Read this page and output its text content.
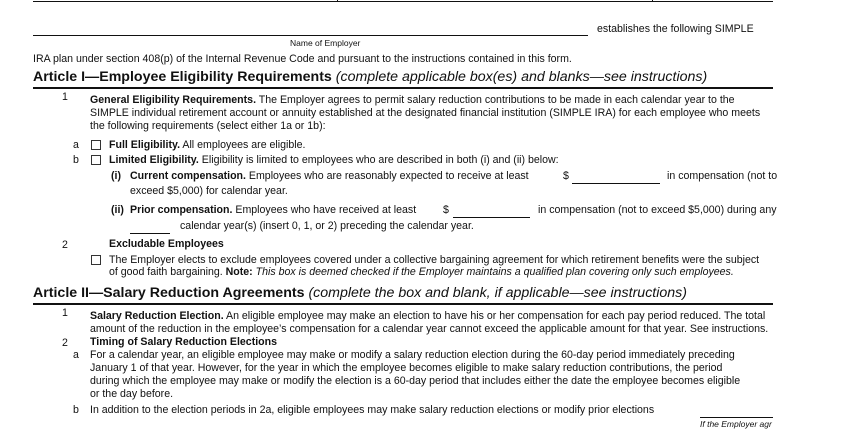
establishes the following SIMPLE
Name of Employer
IRA plan under section 408(p) of the Internal Revenue Code and pursuant to the instructions contained in this form.
Article I—Employee Eligibility Requirements (complete applicable box(es) and blanks—see instructions)
1 General Eligibility Requirements. The Employer agrees to permit salary reduction contributions to be made in each calendar year to the
SIMPLE individual retirement account or annuity established at the designated financial institution (SIMPLE IRA) for each employee who meets
the following requirements (select either 1a or 1b):
a	Full Eligibility. All employees are eligible.
b	Limited Eligibility. Eligibility is limited to employees who are described in both (i) and (ii) below:
(i) Current compensation. Employees who are reasonably expected to receive at least	$	in compensation (not to
exceed $5,000) for calendar year.
(ii) Prior compensation. Employees who have received at least	$	in compensation (not to exceed $5,000) during any
calendar year(s) (insert 0, 1, or 2) preceding the calendar year.
2	Excludable Employees
The Employer elects to exclude employees covered under a collective bargaining agreement for which retirement benefits were the subject
of good faith bargaining. Note: This box is deemed checked if the Employer maintains a qualified plan covering only such employees.
Article II—Salary Reduction Agreements (complete the box and blank, if applicable—see instructions)
1 Salary Reduction Election. An eligible employee may make an election to have his or her compensation for each pay period reduced. The total
amount of the reduction in the employee’s compensation for a calendar year cannot exceed the applicable amount for that year. See instructions.
2 Timing of Salary Reduction Elections
a For a calendar year, an eligible employee may make or modify a salary reduction election during the 60-day period immediately preceding
January 1 of that year. However, for the year in which the employee becomes eligible to make salary reduction contributions, the period
during which the employee may make or modify the election is a 60-day period that includes either the date the employee becomes eligible
or the day before.
b In addition to the election periods in 2a, eligible employees may make salary reduction elections or modify prior elections
If the Employer agr
